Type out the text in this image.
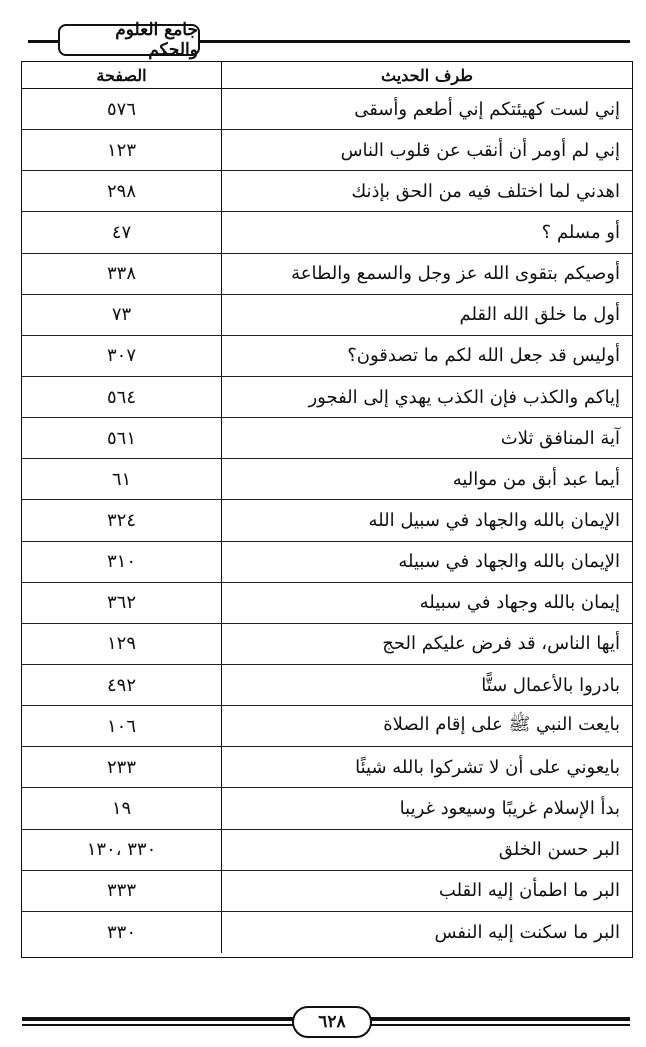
جامع العلوم والحكم
طرف الحديث
الصفحة
إني لست كهيئتكم إني أطعم وأسقى
٥٧٦
إني لم أومر أن أنقب عن قلوب الناس
١٢٣
اهدني لما اختلف فيه من الحق بإذنك
٢٩٨
أو مسلم ؟
٤٧
أوصيكم بتقوى الله عز وجل والسمع والطاعة
٣٣٨
أول ما خلق الله القلم
٧٣
أوليس قد جعل الله لكم ما تصدقون؟
٣٠٧
إياكم والكذب فإن الكذب يهدي إلى الفجور
٥٦٤
آية المنافق ثلاث
٥٦١
أيما عبد أبق من مواليه
٦١
الإيمان بالله والجهاد في سبيل الله
٣٢٤
الإيمان بالله والجهاد في سبيله
٣١٠
إيمان بالله وجهاد في سبيله
٣٦٢
أيها الناس، قد فرض عليكم الحج
١٢٩
بادروا بالأعمال ستًّا
٤٩٢
بايعت النبي ﷺ على إقام الصلاة
١٠٦
بايعوني على أن لا تشركوا بالله شيئًا
٢٣٣
بدأ الإسلام غريبًا وسيعود غريبا
١٩
البر حسن الخلق
٣٣٠ ،١٣٠
البر ما اطمأن إليه القلب
٣٣٣
البر ما سكنت إليه النفس
٣٣٠
٦٢٨
